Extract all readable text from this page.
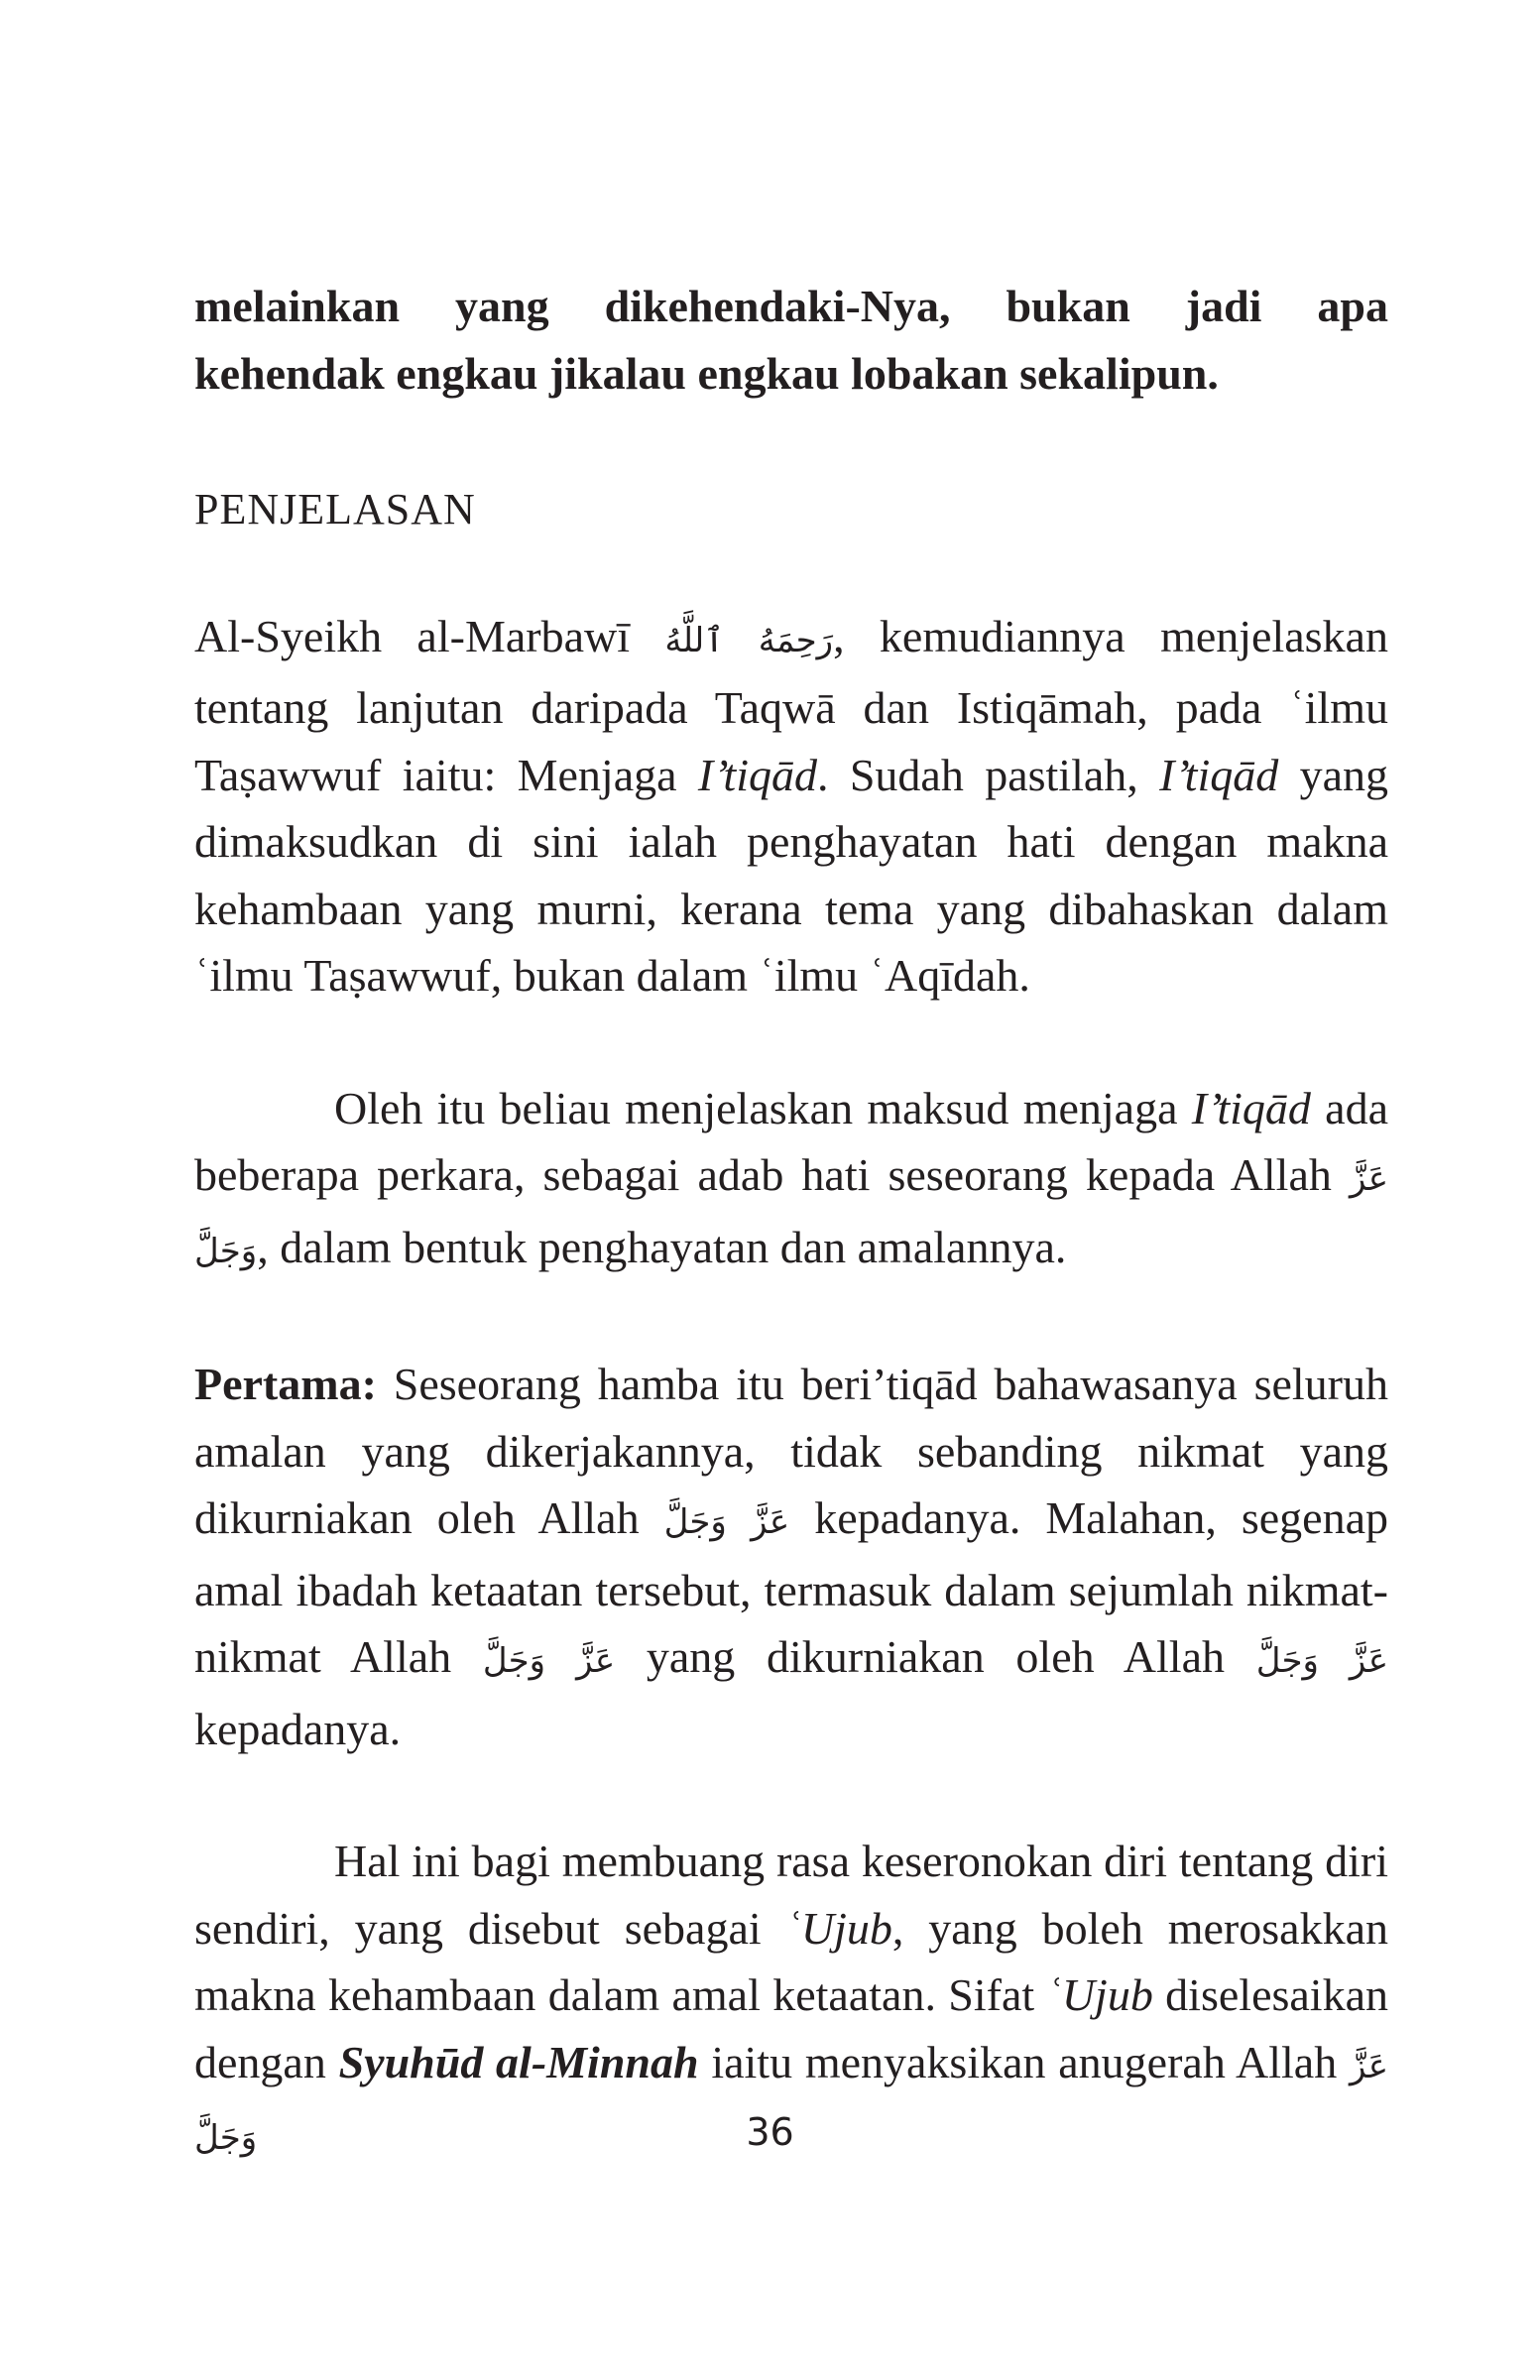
melainkan yang dikehendaki-Nya, bukan jadi apa
kehendak engkau jikalau engkau lobakan sekalipun.

PENJELASAN

Al-Syeikh al-Marbawī رَحِمَهُ ٱللَّهُ, kemudiannya menjelaskan tentang lanjutan daripada Taqwā dan Istiqāmah, pada ʿilmu Taṣawwuf iaitu: Menjaga I’tiqād. Sudah pastilah, I’tiqād yang dimaksudkan di sini ialah penghayatan hati dengan makna kehambaan yang murni, kerana tema yang dibahaskan dalam ʿilmu Taṣawwuf, bukan dalam ʿilmu ʿAqīdah.

Oleh itu beliau menjelaskan maksud menjaga I’tiqād ada beberapa perkara, sebagai adab hati seseorang kepada Allah عَزَّ وَجَلَّ, dalam bentuk penghayatan dan amalannya.

Pertama: Seseorang hamba itu beri’tiqād bahawasanya seluruh amalan yang dikerjakannya, tidak sebanding nikmat yang dikurniakan oleh Allah عَزَّ وَجَلَّ kepadanya. Malahan, segenap amal ibadah ketaatan tersebut, termasuk dalam sejumlah nikmat-nikmat Allah عَزَّ وَجَلَّ yang dikurniakan oleh Allah عَزَّ وَجَلَّ kepadanya.

Hal ini bagi membuang rasa keseronokan diri tentang diri sendiri, yang disebut sebagai ʿUjub, yang boleh merosakkan makna kehambaan dalam amal ketaatan. Sifat ʿUjub diselesaikan dengan Syuhūd al-Minnah iaitu menyaksikan anugerah Allah عَزَّ وَجَلَّ	36
